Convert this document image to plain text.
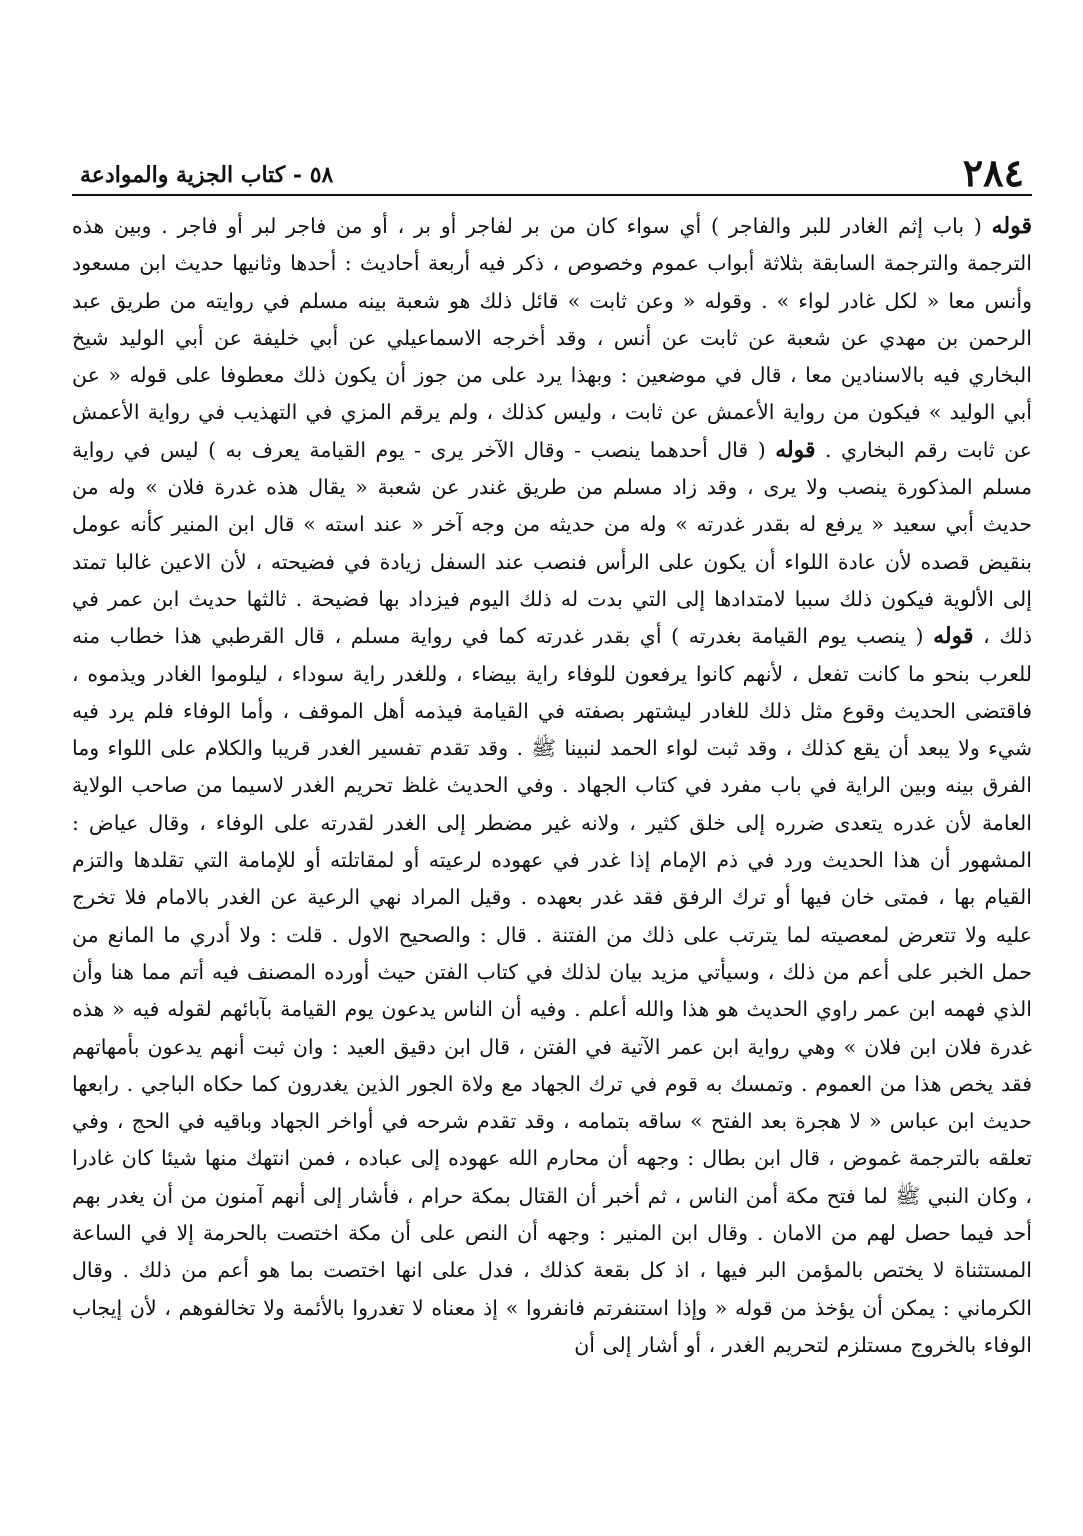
٢٨٤
٥٨ - كتاب الجزية والموادعة

قوله ( باب إثم الغادر للبر والفاجر ) أي سواء كان من بر لفاجر أو بر ، أو من فاجر لبر أو فاجر . وبين هذه الترجمة والترجمة السابقة بثلاثة أبواب عموم وخصوص ، ذكر فيه أربعة أحاديث : أحدها وثانيها حديث ابن مسعود وأنس معا « لكل غادر لواء » . وقوله « وعن ثابت » قائل ذلك هو شعبة بينه مسلم في روايته من طريق عبد الرحمن بن مهدي عن شعبة عن ثابت عن أنس ، وقد أخرجه الاسماعيلي عن أبي خليفة عن أبي الوليد شيخ البخاري فيه بالاسنادين معا ، قال في موضعين : وبهذا يرد على من جوز أن يكون ذلك معطوفا على قوله « عن أبي الوليد » فيكون من رواية الأعمش عن ثابت ، وليس كذلك ، ولم يرقم المزي في التهذيب في رواية الأعمش عن ثابت رقم البخاري . قوله ( قال أحدهما ينصب - وقال الآخر يرى - يوم القيامة يعرف به ) ليس في رواية مسلم المذكورة ينصب ولا يرى ، وقد زاد مسلم من طريق غندر عن شعبة « يقال هذه غدرة فلان » وله من حديث أبي سعيد « يرفع له بقدر غدرته » وله من حديثه من وجه آخر « عند استه » قال ابن المنير كأنه عومل بنقيض قصده لأن عادة اللواء أن يكون على الرأس فنصب عند السفل زيادة في فضيحته ، لأن الاعين غالبا تمتد إلى الألوية فيكون ذلك سببا لامتدادها إلى التي بدت له ذلك اليوم فيزداد بها فضيحة . ثالثها حديث ابن عمر في ذلك ، قوله ( ينصب يوم القيامة بغدرته ) أي بقدر غدرته كما في رواية مسلم ، قال القرطبي هذا خطاب منه للعرب بنحو ما كانت تفعل ، لأنهم كانوا يرفعون للوفاء راية بيضاء ، وللغدر راية سوداء ، ليلوموا الغادر ويذموه ، فاقتضى الحديث وقوع مثل ذلك للغادر ليشتهر بصفته في القيامة فيذمه أهل الموقف ، وأما الوفاء فلم يرد فيه شيء ولا يبعد أن يقع كذلك ، وقد ثبت لواء الحمد لنبينا ﷺ . وقد تقدم تفسير الغدر قريبا والكلام على اللواء وما الفرق بينه وبين الراية في باب مفرد في كتاب الجهاد . وفي الحديث غلظ تحريم الغدر لاسيما من صاحب الولاية العامة لأن غدره يتعدى ضرره إلى خلق كثير ، ولانه غير مضطر إلى الغدر لقدرته على الوفاء ، وقال عياض : المشهور أن هذا الحديث ورد في ذم الإمام إذا غدر في عهوده لرعيته أو لمقاتلته أو للإمامة التي تقلدها والتزم القيام بها ، فمتى خان فيها أو ترك الرفق فقد غدر بعهده . وقيل المراد نهي الرعية عن الغدر بالامام فلا تخرج عليه ولا تتعرض لمعصيته لما يترتب على ذلك من الفتنة . قال : والصحيح الاول . قلت : ولا أدري ما المانع من حمل الخبر على أعم من ذلك ، وسيأتي مزيد بيان لذلك في كتاب الفتن حيث أورده المصنف فيه أتم مما هنا وأن الذي فهمه ابن عمر راوي الحديث هو هذا والله أعلم . وفيه أن الناس يدعون يوم القيامة بآبائهم لقوله فيه « هذه غدرة فلان ابن فلان » وهي رواية ابن عمر الآتية في الفتن ، قال ابن دقيق العيد : وان ثبت أنهم يدعون بأمهاتهم فقد يخص هذا من العموم . وتمسك به قوم في ترك الجهاد مع ولاة الجور الذين يغدرون كما حكاه الباجي . رابعها حديث ابن عباس « لا هجرة بعد الفتح » ساقه بتمامه ، وقد تقدم شرحه في أواخر الجهاد وباقيه في الحج ، وفي تعلقه بالترجمة غموض ، قال ابن بطال : وجهه أن محارم الله عهوده إلى عباده ، فمن انتهك منها شيئا كان غادرا ، وكان النبي ﷺ لما فتح مكة أمن الناس ، ثم أخبر أن القتال بمكة حرام ، فأشار إلى أنهم آمنون من أن يغدر بهم أحد فيما حصل لهم من الامان . وقال ابن المنير : وجهه أن النص على أن مكة اختصت بالحرمة إلا في الساعة المستثناة لا يختص بالمؤمن البر فيها ، اذ كل بقعة كذلك ، فدل على انها اختصت بما هو أعم من ذلك . وقال الكرماني : يمكن أن يؤخذ من قوله « وإذا استنفرتم فانفروا » إذ معناه لا تغدروا بالأئمة ولا تخالفوهم ، لأن إيجاب الوفاء بالخروج مستلزم لتحريم الغدر ، أو أشار إلى أن
